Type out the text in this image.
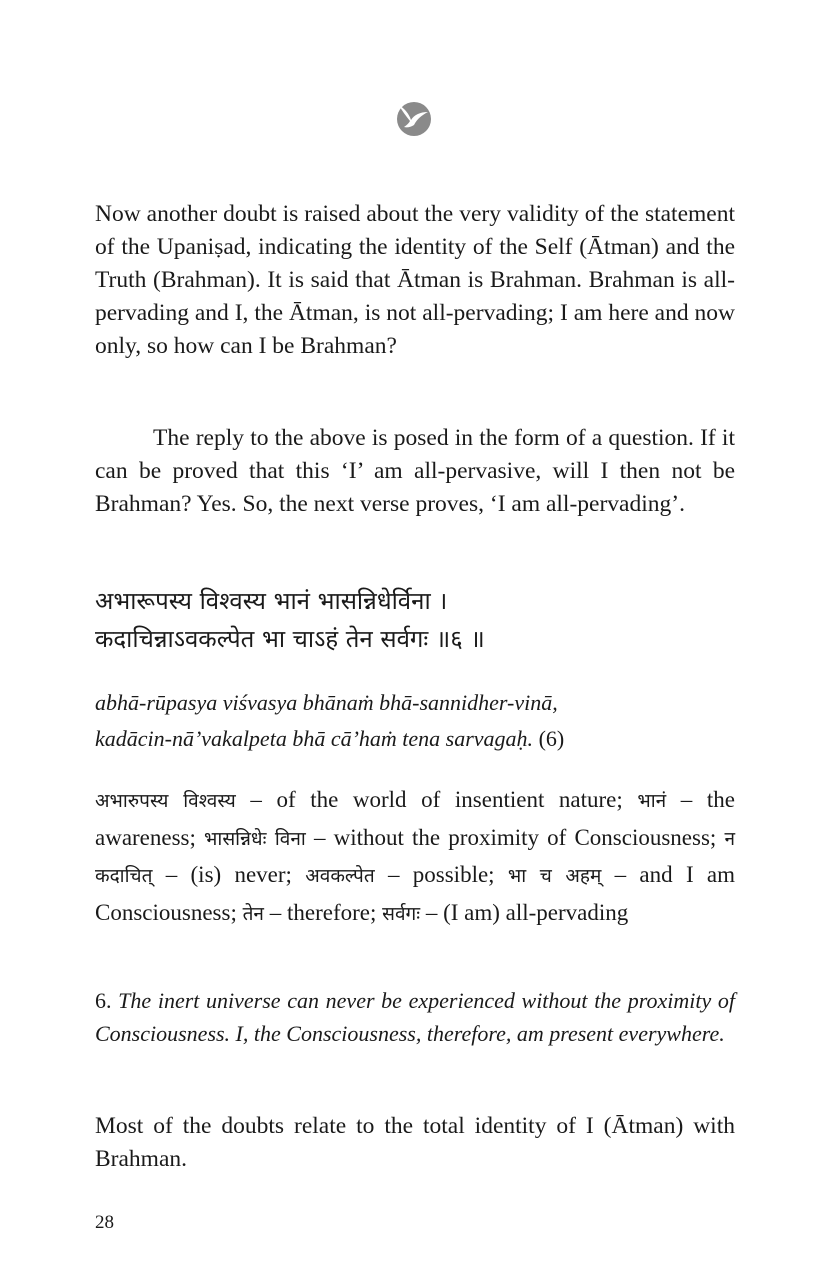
Now another doubt is raised about the very validity of the statement of the Upaniṣad, indicating the identity of the Self (Ātman) and the Truth (Brahman). It is said that Ātman is Brahman. Brahman is all-pervading and I, the Ātman, is not all-pervading; I am here and now only, so how can I be Brahman?

The reply to the above is posed in the form of a question. If it can be proved that this ‘I’ am all-pervasive, will I then not be Brahman? Yes. So, the next verse proves, ‘I am all-pervading’.

अभारूपस्य विश्वस्य भानं भासन्निधेर्विना ।
कदाचिन्नाऽवकल्पेत भा चाऽहं तेन सर्वगः ॥६ ॥
abhā-rūpasya viśvasya bhānaṁ bhā-sannidher-vinā,
kadācin-nā’vakalpeta bhā cā’haṁ tena sarvagaḥ. (6)

अभारुपस्य विश्वस्य – of the world of insentient nature; भानं – the awareness; भासन्निधेः विना – without the proximity of Consciousness; न कदाचित् – (is) never; अवकल्पेत – possible; भा च अहम् – and I am Consciousness; तेन – therefore; सर्वगः – (I am) all-pervading

6. The inert universe can never be experienced without the proximity of Consciousness. I, the Consciousness, therefore, am present everywhere.

Most of the doubts relate to the total identity of I (Ātman) with Brahman.

28
